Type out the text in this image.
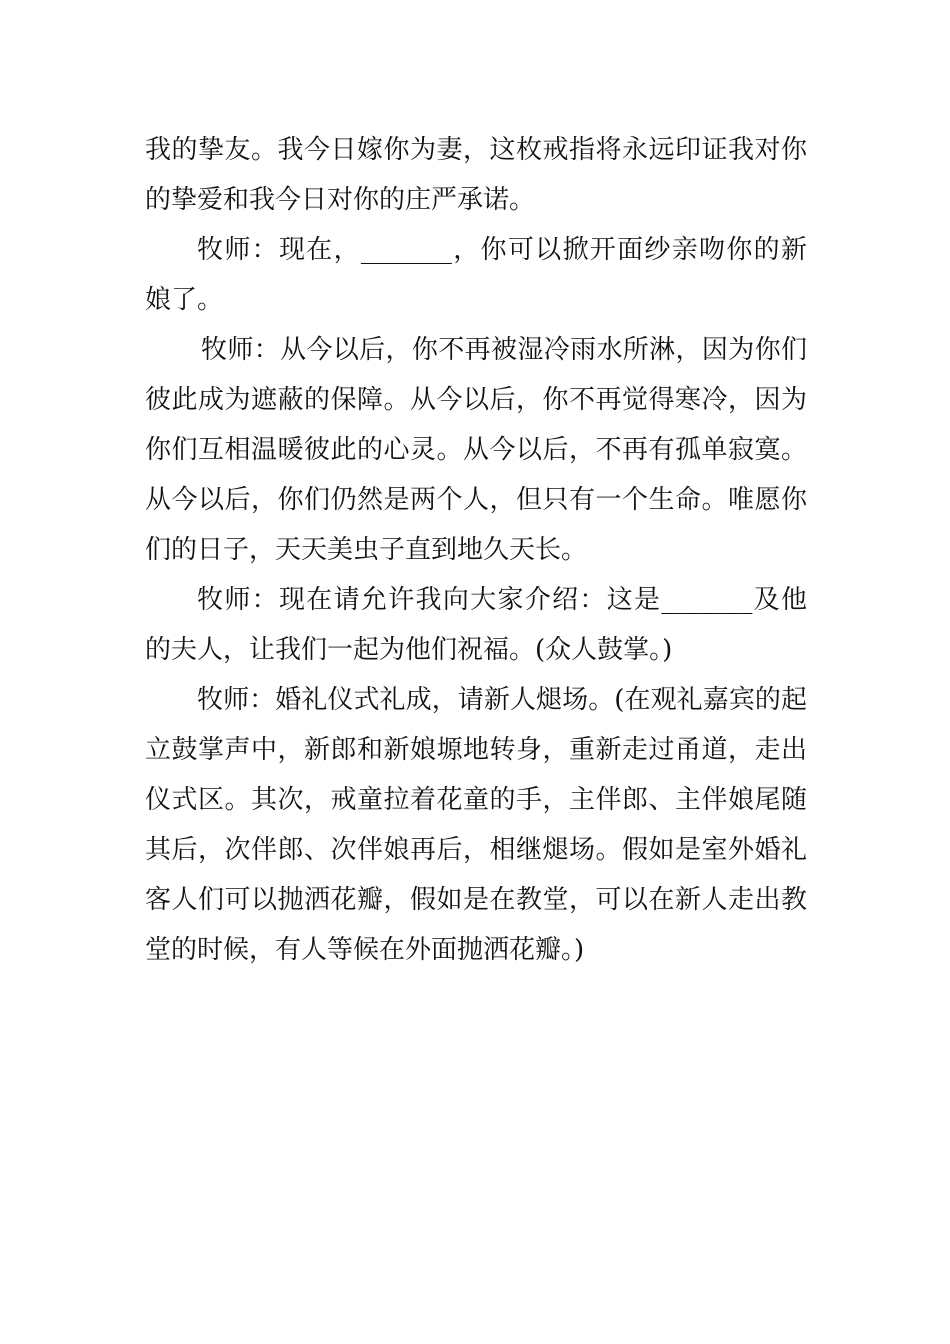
我的挚友。我今日嫁你为妻，这枚戒指将永远印证我对你的挚爱和我今日对你的庄严承诺。

牧师：现在，_______，你可以掀开面纱亲吻你的新娘了。

牧师：从今以后，你不再被湿冷雨水所淋，因为你们彼此成为遮蔽的保障。从今以后，你不再觉得寒冷，因为你们互相温暖彼此的心灵。从今以后，不再有孤单寂寞。从今以后，你们仍然是两个人，但只有一个生命。唯愿你们的日子，天天美虫子直到地久天长。

牧师：现在请允许我向大家介绍：这是_______及他的夫人，让我们一起为他们祝福。(众人鼓掌。)

牧师：婚礼仪式礼成，请新人煺场。(在观礼嘉宾的起立鼓掌声中，新郎和新娘塬地转身，重新走过甬道，走出仪式区。其次，戒童拉着花童的手，主伴郎、主伴娘尾随其后，次伴郎、次伴娘再后，相继煺场。假如是室外婚礼客人们可以抛洒花瓣，假如是在教堂，可以在新人走出教堂的时候，有人等候在外面抛洒花瓣。)
